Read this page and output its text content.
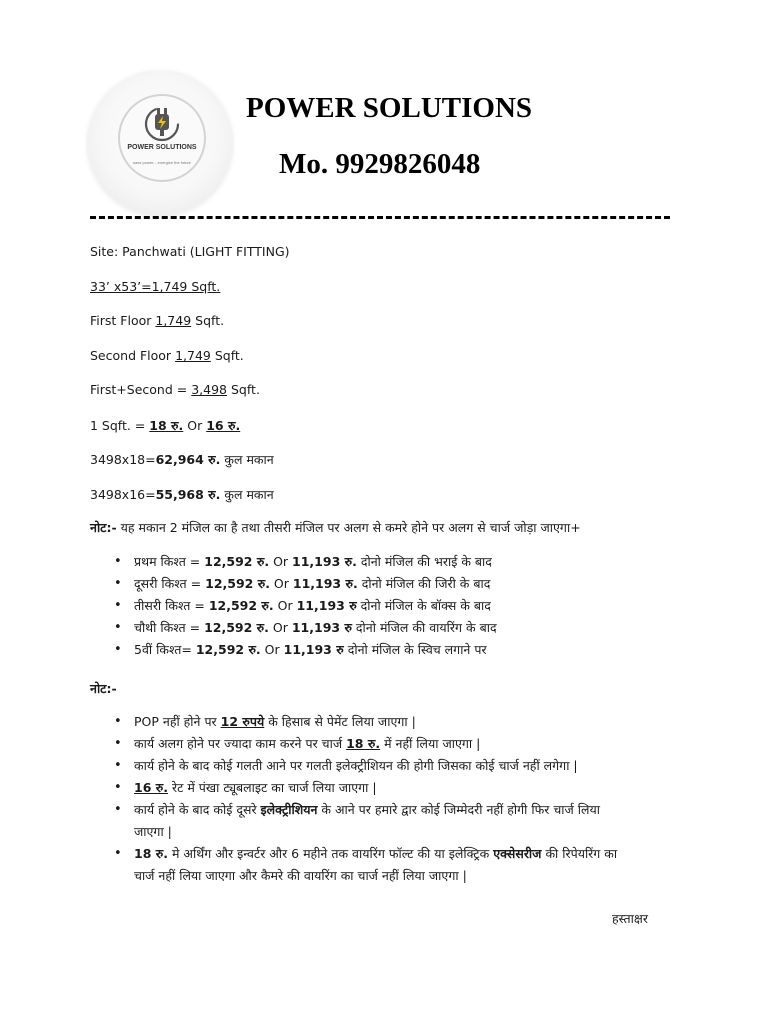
POWER SOLUTIONS
save power... energize the future
POWER SOLUTIONS
Mo. 9929826048
Site: Panchwati (LIGHT FITTING)
33’ x53’=1,749 Sqft.
First Floor 1,749 Sqft.
Second Floor 1,749 Sqft.
First+Second = 3,498 Sqft.
1 Sqft. = 18 रु. Or 16 रु.
3498x18=62,964 रु. कुल मकान
3498x16=55,968 रु. कुल मकान
नोट:- यह मकान 2 मंजिल का है तथा तीसरी मंजिल पर अलग से कमरे होने पर अलग से चार्ज जोड़ा जाएगा+
• प्रथम किश्त = 12,592 रु. Or 11,193 रु. दोनो मंजिल की भराई के बाद
• दूसरी किश्त = 12,592 रु. Or 11,193 रु. दोनो मंजिल की जिरी के बाद
• तीसरी किश्त = 12,592 रु. Or 11,193 रु दोनो मंजिल के बॉक्स के बाद
• चौथी किश्त = 12,592 रु. Or 11,193 रु दोनो मंजिल की वायरिंग के बाद
• 5वीं किश्त= 12,592 रु. Or 11,193 रु दोनो मंजिल के स्विच लगाने पर
नोट:-
• POP नहीं होने पर 12 रुपये के हिसाब से पेमेंट लिया जाएगा |
• कार्य अलग होने पर ज्यादा काम करने पर चार्ज 18 रु. में नहीं लिया जाएगा |
• कार्य होने के बाद कोई गलती आने पर गलती इलेक्ट्रीशियन की होगी जिसका कोई चार्ज नहीं लगेगा |
• 16 रु. रेट में पंखा ट्यूबलाइट का चार्ज लिया जाएगा |
• कार्य होने के बाद कोई दूसरे इलेक्ट्रीशियन के आने पर हमारे द्वार कोई जिम्मेदरी नहीं होगी फिर चार्ज लिया
जाएगा |
• 18 रु. मे अर्थिंग और इन्वर्टर और 6 महीने तक वायरिंग फॉल्ट की या इलेक्ट्रिक एक्सेसरीज की रिपेयरिंग का
चार्ज नहीं लिया जाएगा और कैमरे की वायरिंग का चार्ज नहीं लिया जाएगा |
हस्ताक्षर
